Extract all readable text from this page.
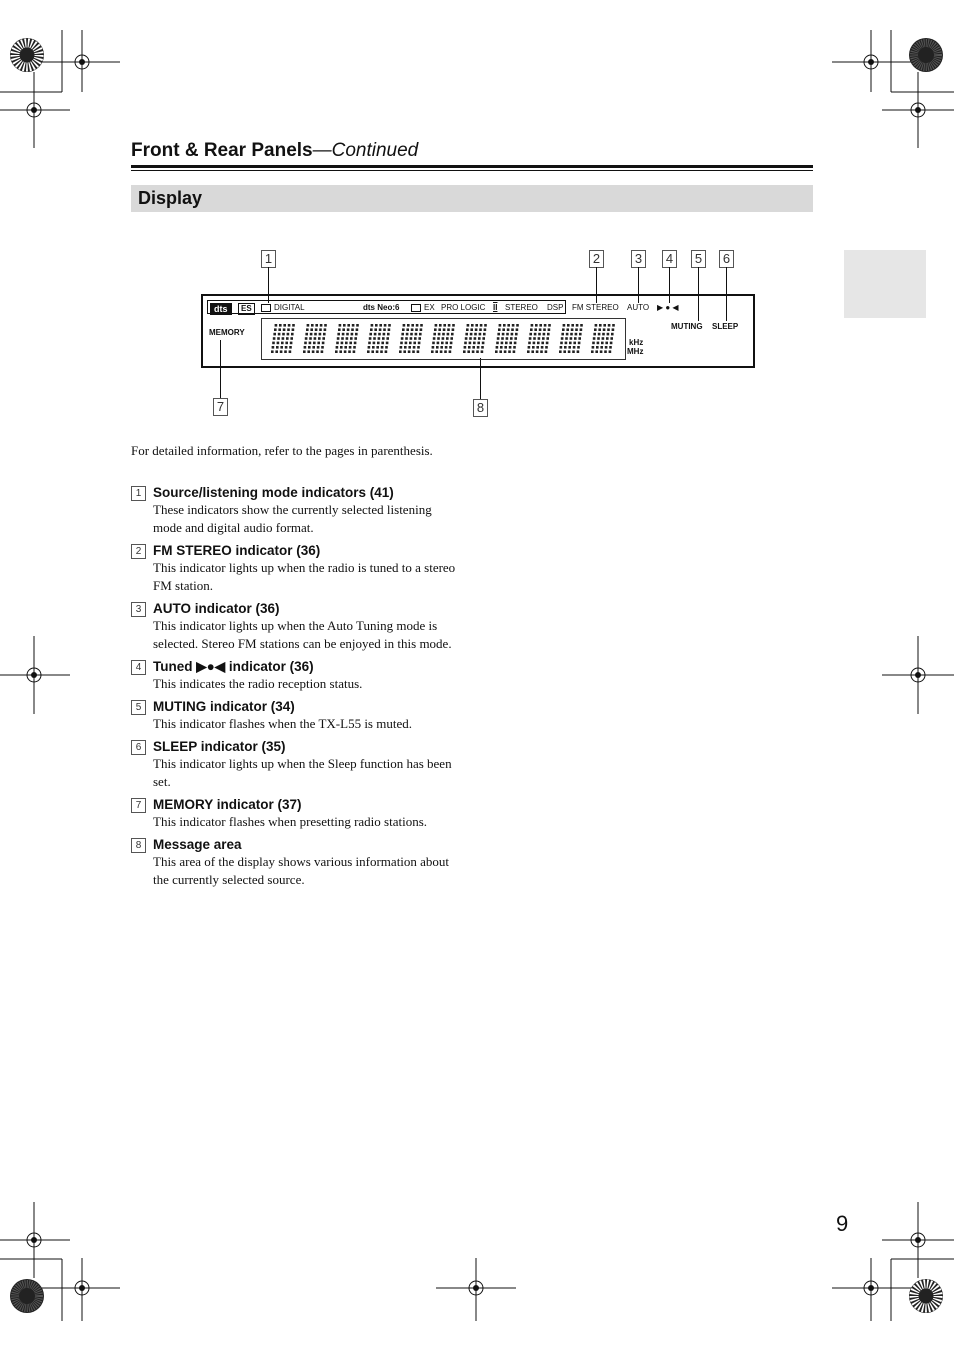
Front & Rear Panels—Continued
Display
1	2	3 4 5 6
7	8
dts	ES	DIGITAL	dts Neo:6	EX PRO LOGIC II STEREO DSP FM STEREO AUTO ▶ ● ◀
MUTING SLEEP
MEMORY
kHz
MHz
For detailed information, refer to the pages in parenthesis.
1 Source/listening mode indicators (41)
These indicators show the currently selected listening mode and digital audio format.
2 FM STEREO indicator (36)
This indicator lights up when the radio is tuned to a stereo FM station.
3 AUTO indicator (36)
This indicator lights up when the Auto Tuning mode is selected. Stereo FM stations can be enjoyed in this mode.
4 Tuned ▶●◀ indicator (36)
This indicates the radio reception status.
5 MUTING indicator (34)
This indicator flashes when the TX-L55 is muted.
6 SLEEP indicator (35)
This indicator lights up when the Sleep function has been set.
7 MEMORY indicator (37)
This indicator flashes when presetting radio stations.
8 Message area
This area of the display shows various information about the currently selected source.
9
